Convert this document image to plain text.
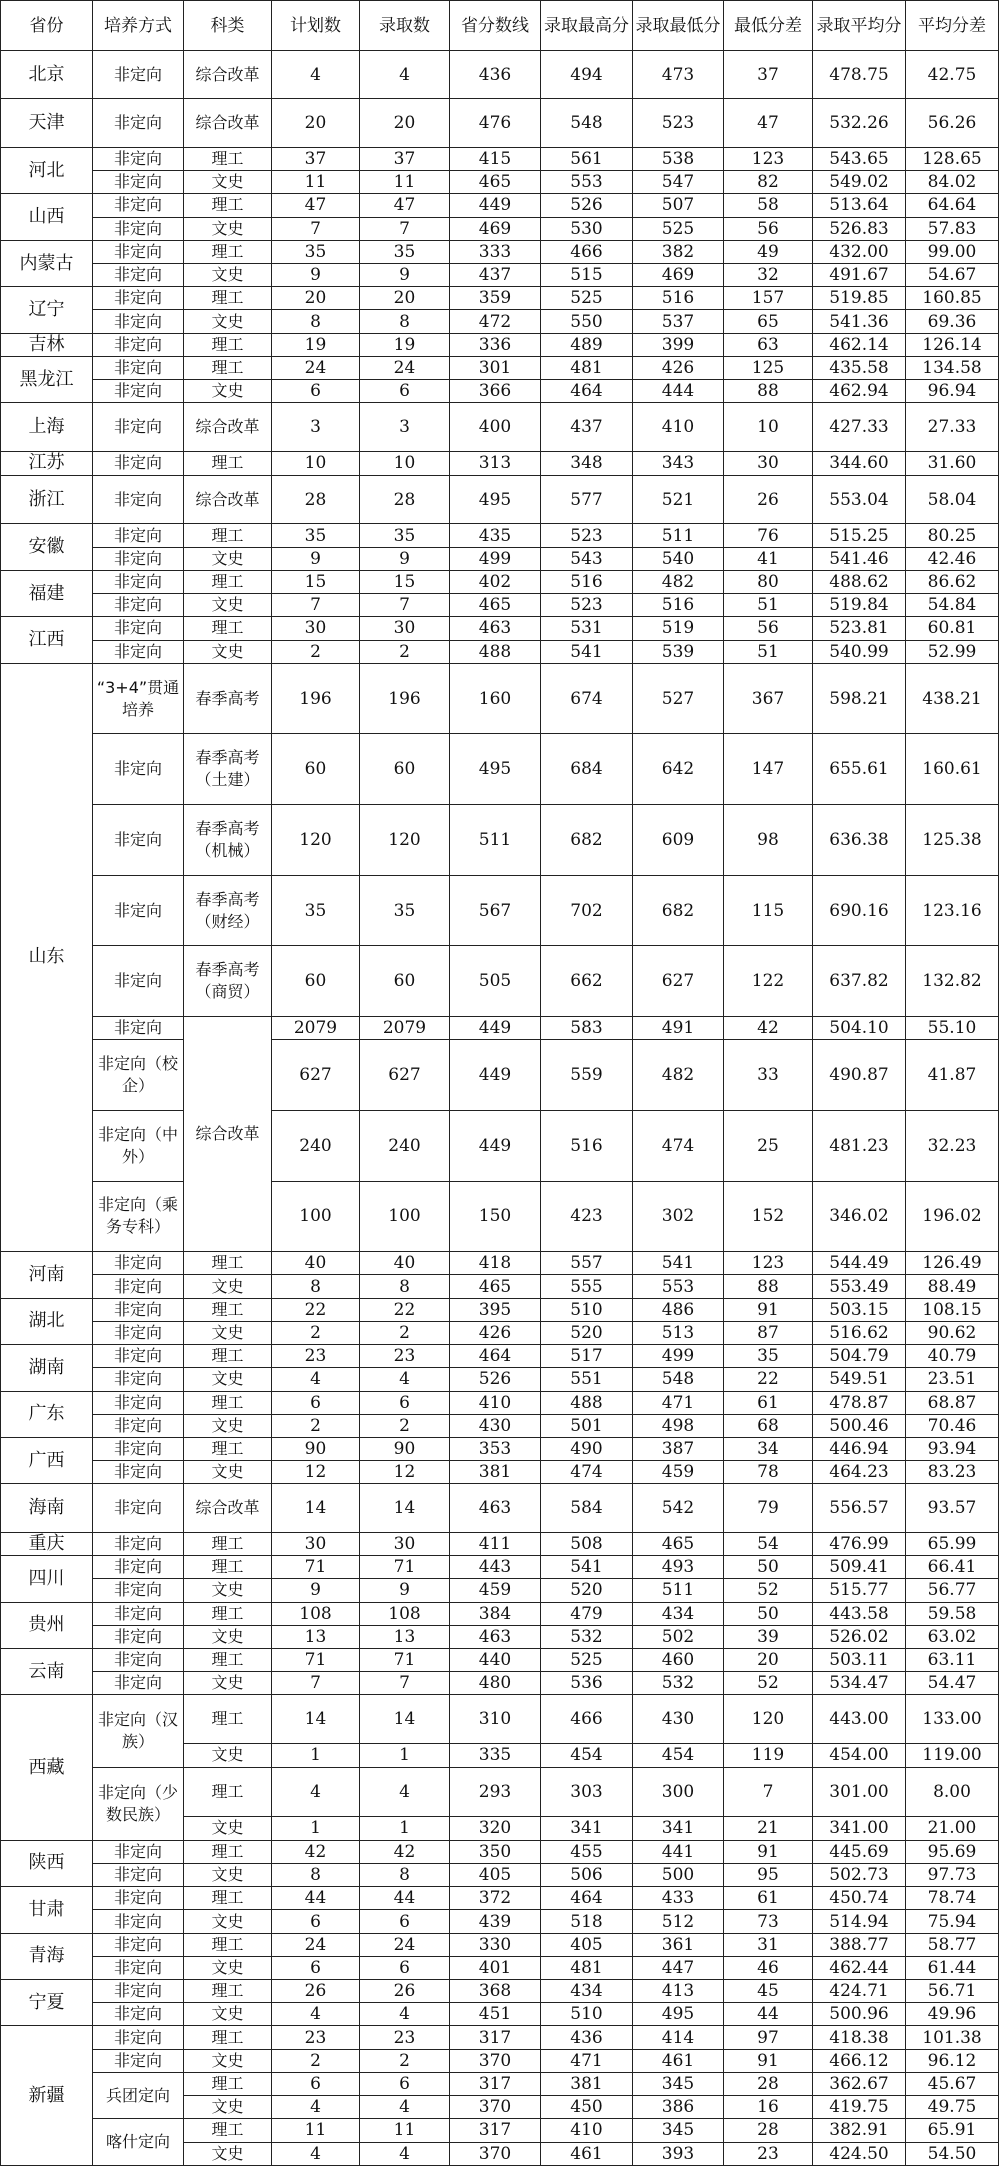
省份	培养方式	科类	计划数	录取数	省分数线	录取最高分	录取最低分	最低分差	录取平均分	平均分差
北京	非定向	综合改革	4	4	436	494	473	37	478.75	42.75
天津	非定向	综合改革	20	20	476	548	523	47	532.26	56.26
河北	非定向	理工	37	37	415	561	538	123	543.65	128.65
	非定向	文史	11	11	465	553	547	82	549.02	84.02
山西	非定向	理工	47	47	449	526	507	58	513.64	64.64
	非定向	文史	7	7	469	530	525	56	526.83	57.83
内蒙古	非定向	理工	35	35	333	466	382	49	432.00	99.00
	非定向	文史	9	9	437	515	469	32	491.67	54.67
辽宁	非定向	理工	20	20	359	525	516	157	519.85	160.85
	非定向	文史	8	8	472	550	537	65	541.36	69.36
吉林	非定向	理工	19	19	336	489	399	63	462.14	126.14
黑龙江	非定向	理工	24	24	301	481	426	125	435.58	134.58
	非定向	文史	6	6	366	464	444	88	462.94	96.94
上海	非定向	综合改革	3	3	400	437	410	10	427.33	27.33
江苏	非定向	理工	10	10	313	348	343	30	344.60	31.60
浙江	非定向	综合改革	28	28	495	577	521	26	553.04	58.04
安徽	非定向	理工	35	35	435	523	511	76	515.25	80.25
	非定向	文史	9	9	499	543	540	41	541.46	42.46
福建	非定向	理工	15	15	402	516	482	80	488.62	86.62
	非定向	文史	7	7	465	523	516	51	519.84	54.84
江西	非定向	理工	30	30	463	531	519	56	523.81	60.81
	非定向	文史	2	2	488	541	539	51	540.99	52.99
山东	“3+4”贯通培养	春季高考	196	196	160	674	527	367	598.21	438.21
	非定向	春季高考（土建）	60	60	495	684	642	147	655.61	160.61
	非定向	春季高考（机械）	120	120	511	682	609	98	636.38	125.38
	非定向	春季高考（财经）	35	35	567	702	682	115	690.16	123.16
	非定向	春季高考（商贸）	60	60	505	662	627	122	637.82	132.82
	非定向	综合改革	2079	2079	449	583	491	42	504.10	55.10
	非定向（校企）		627	627	449	559	482	33	490.87	41.87
	非定向（中外）		240	240	449	516	474	25	481.23	32.23
	非定向（乘务专科）		100	100	150	423	302	152	346.02	196.02
河南	非定向	理工	40	40	418	557	541	123	544.49	126.49
	非定向	文史	8	8	465	555	553	88	553.49	88.49
湖北	非定向	理工	22	22	395	510	486	91	503.15	108.15
	非定向	文史	2	2	426	520	513	87	516.62	90.62
湖南	非定向	理工	23	23	464	517	499	35	504.79	40.79
	非定向	文史	4	4	526	551	548	22	549.51	23.51
广东	非定向	理工	6	6	410	488	471	61	478.87	68.87
	非定向	文史	2	2	430	501	498	68	500.46	70.46
广西	非定向	理工	90	90	353	490	387	34	446.94	93.94
	非定向	文史	12	12	381	474	459	78	464.23	83.23
海南	非定向	综合改革	14	14	463	584	542	79	556.57	93.57
重庆	非定向	理工	30	30	411	508	465	54	476.99	65.99
四川	非定向	理工	71	71	443	541	493	50	509.41	66.41
	非定向	文史	9	9	459	520	511	52	515.77	56.77
贵州	非定向	理工	108	108	384	479	434	50	443.58	59.58
	非定向	文史	13	13	463	532	502	39	526.02	63.02
云南	非定向	理工	71	71	440	525	460	20	503.11	63.11
	非定向	文史	7	7	480	536	532	52	534.47	54.47
西藏	非定向（汉族）	理工	14	14	310	466	430	120	443.00	133.00
		文史	1	1	335	454	454	119	454.00	119.00
	非定向（少数民族）	理工	4	4	293	303	300	7	301.00	8.00
		文史	1	1	320	341	341	21	341.00	21.00
陕西	非定向	理工	42	42	350	455	441	91	445.69	95.69
	非定向	文史	8	8	405	506	500	95	502.73	97.73
甘肃	非定向	理工	44	44	372	464	433	61	450.74	78.74
	非定向	文史	6	6	439	518	512	73	514.94	75.94
青海	非定向	理工	24	24	330	405	361	31	388.77	58.77
	非定向	文史	6	6	401	481	447	46	462.44	61.44
宁夏	非定向	理工	26	26	368	434	413	45	424.71	56.71
	非定向	文史	4	4	451	510	495	44	500.96	49.96
新疆	非定向	理工	23	23	317	436	414	97	418.38	101.38
	非定向	文史	2	2	370	471	461	91	466.12	96.12
	兵团定向	理工	6	6	317	381	345	28	362.67	45.67
		文史	4	4	370	450	386	16	419.75	49.75
	喀什定向	理工	11	11	317	410	345	28	382.91	65.91
		文史	4	4	370	461	393	23	424.50	54.50
